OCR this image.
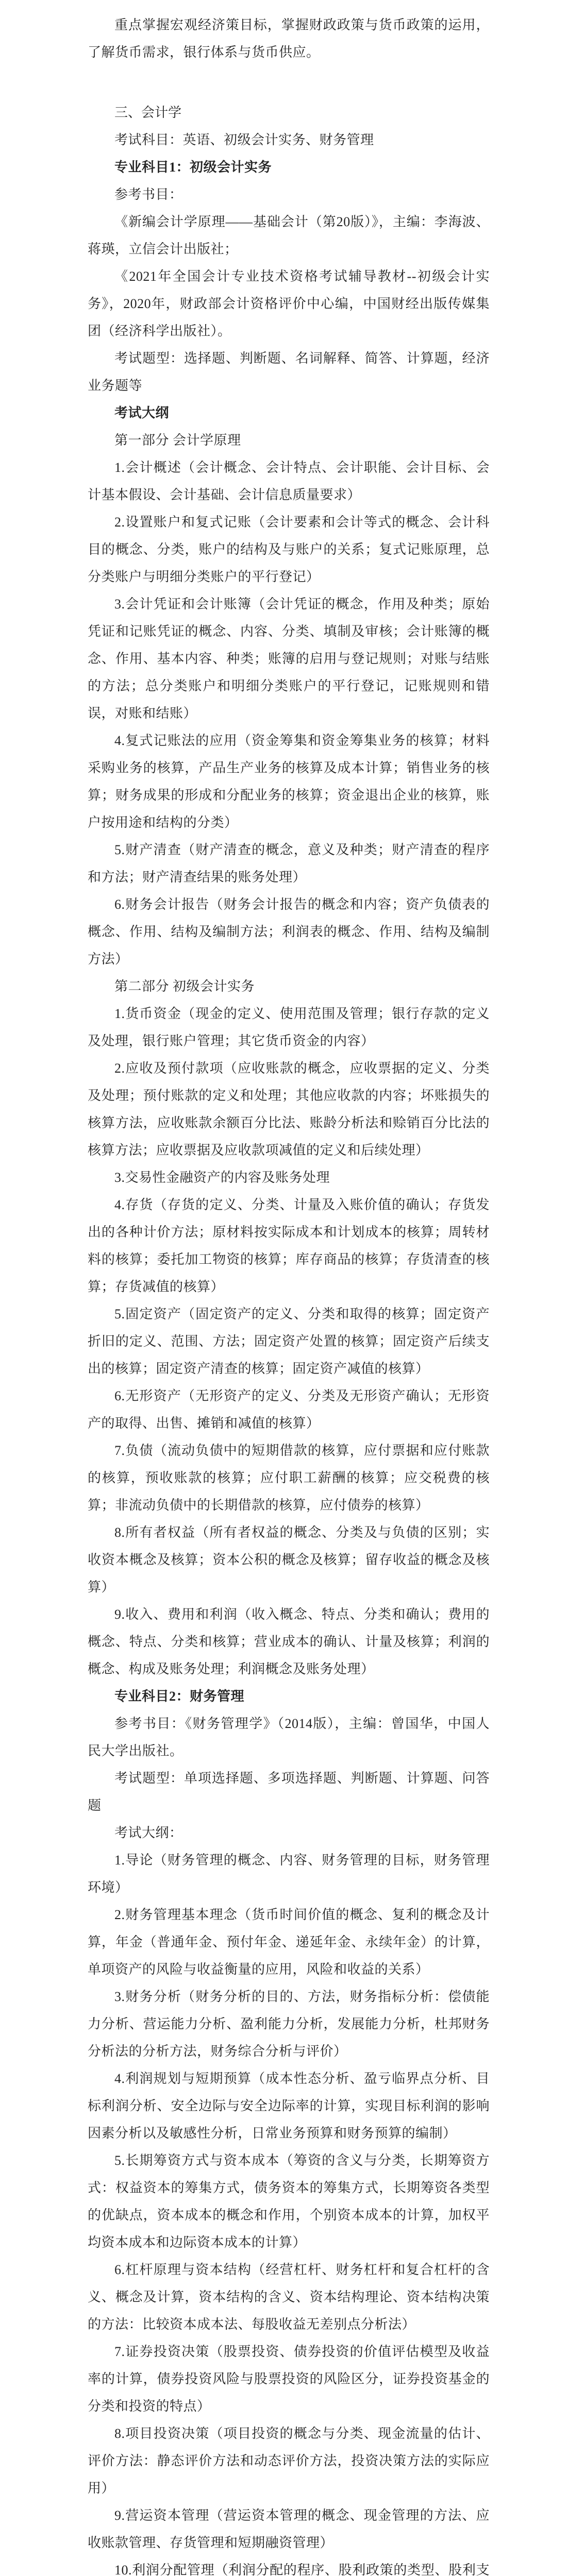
重点掌握宏观经济策目标，掌握财政政策与货币政策的运用，了解货币需求，银行体系与货币供应。

三、会计学

考试科目：英语、初级会计实务、财务管理

专业科目1：初级会计实务

参考书目：

《新编会计学原理——基础会计（第20版）》，主编：李海波、蒋瑛，立信会计出版社；

《2021年全国会计专业技术资格考试辅导教材--初级会计实务》，2020年，财政部会计资格评价中心编，中国财经出版传媒集团（经济科学出版社）。

考试题型：选择题、判断题、名词解释、简答、计算题，经济业务题等

考试大纲

第一部分 会计学原理

1.会计概述（会计概念、会计特点、会计职能、会计目标、会计基本假设、会计基础、会计信息质量要求）

2.设置账户和复式记账（会计要素和会计等式的概念、会计科目的概念、分类，账户的结构及与账户的关系；复式记账原理，总分类账户与明细分类账户的平行登记）

3.会计凭证和会计账簿（会计凭证的概念，作用及种类；原始凭证和记账凭证的概念、内容、分类、填制及审核；会计账簿的概念、作用、基本内容、种类；账簿的启用与登记规则；对账与结账的方法；总分类账户和明细分类账户的平行登记，记账规则和错误，对账和结账）

4.复式记账法的应用（资金筹集和资金筹集业务的核算；材料采购业务的核算，产品生产业务的核算及成本计算；销售业务的核算；财务成果的形成和分配业务的核算；资金退出企业的核算，账户按用途和结构的分类）

5.财产清查（财产清查的概念，意义及种类；财产清查的程序和方法；财产清查结果的账务处理）

6.财务会计报告（财务会计报告的概念和内容；资产负债表的概念、作用、结构及编制方法；利润表的概念、作用、结构及编制方法）

第二部分 初级会计实务

1.货币资金（现金的定义、使用范围及管理；银行存款的定义及处理，银行账户管理；其它货币资金的内容）

2.应收及预付款项（应收账款的概念，应收票据的定义、分类及处理；预付账款的定义和处理；其他应收款的内容；坏账损失的核算方法，应收账款余额百分比法、账龄分析法和赊销百分比法的核算方法；应收票据及应收款项减值的定义和后续处理）

3.交易性金融资产的内容及账务处理

4.存货（存货的定义、分类、计量及入账价值的确认；存货发出的各种计价方法；原材料按实际成本和计划成本的核算；周转材料的核算；委托加工物资的核算；库存商品的核算；存货清查的核算；存货减值的核算）

5.固定资产（固定资产的定义、分类和取得的核算；固定资产折旧的定义、范围、方法；固定资产处置的核算；固定资产后续支出的核算；固定资产清查的核算；固定资产减值的核算）

6.无形资产（无形资产的定义、分类及无形资产确认；无形资产的取得、出售、摊销和减值的核算）

7.负债（流动负债中的短期借款的核算，应付票据和应付账款的核算，预收账款的核算；应付职工薪酬的核算；应交税费的核算；非流动负债中的长期借款的核算，应付债券的核算）

8.所有者权益（所有者权益的概念、分类及与负债的区别；实收资本概念及核算；资本公积的概念及核算；留存收益的概念及核算）

9.收入、费用和利润（收入概念、特点、分类和确认；费用的概念、特点、分类和核算；营业成本的确认、计量及核算；利润的概念、构成及账务处理；利润概念及账务处理）

专业科目2：财务管理

参考书目：《财务管理学》（2014版），主编：曾国华，中国人民大学出版社。

考试题型：单项选择题、多项选择题、判断题、计算题、问答题

考试大纲：

1.导论（财务管理的概念、内容、财务管理的目标，财务管理环境）

2.财务管理基本理念（货币时间价值的概念、复利的概念及计算，年金（普通年金、预付年金、递延年金、永续年金）的计算，单项资产的风险与收益衡量的应用，风险和收益的关系）

3.财务分析（财务分析的目的、方法，财务指标分析：偿债能力分析、营运能力分析、盈利能力分析，发展能力分析，杜邦财务分析法的分析方法，财务综合分析与评价）

4.利润规划与短期预算（成本性态分析、盈亏临界点分析、目标利润分析、安全边际与安全边际率的计算，实现目标利润的影响因素分析以及敏感性分析，日常业务预算和财务预算的编制）

5.长期筹资方式与资本成本（筹资的含义与分类，长期筹资方式：权益资本的筹集方式，债务资本的筹集方式，长期筹资各类型的优缺点，资本成本的概念和作用，个别资本成本的计算，加权平均资本成本和边际资本成本的计算）

6.杠杆原理与资本结构（经营杠杆、财务杠杆和复合杠杆的含义、概念及计算，资本结构的含义、资本结构理论、资本结构决策的方法：比较资本成本法、每股收益无差别点分析法）

7.证券投资决策（股票投资、债券投资的价值评估模型及收益率的计算，债券投资风险与股票投资的风险区分，证券投资基金的分类和投资的特点）

8.项目投资决策（项目投资的概念与分类、现金流量的估计、评价方法：静态评价方法和动态评价方法，投资决策方法的实际应用）

9.营运资本管理（营运资本管理的概念、现金管理的方法、应收账款管理、存货管理和短期融资管理）

10.利润分配管理（利润分配的程序、股利政策的类型、股利支
